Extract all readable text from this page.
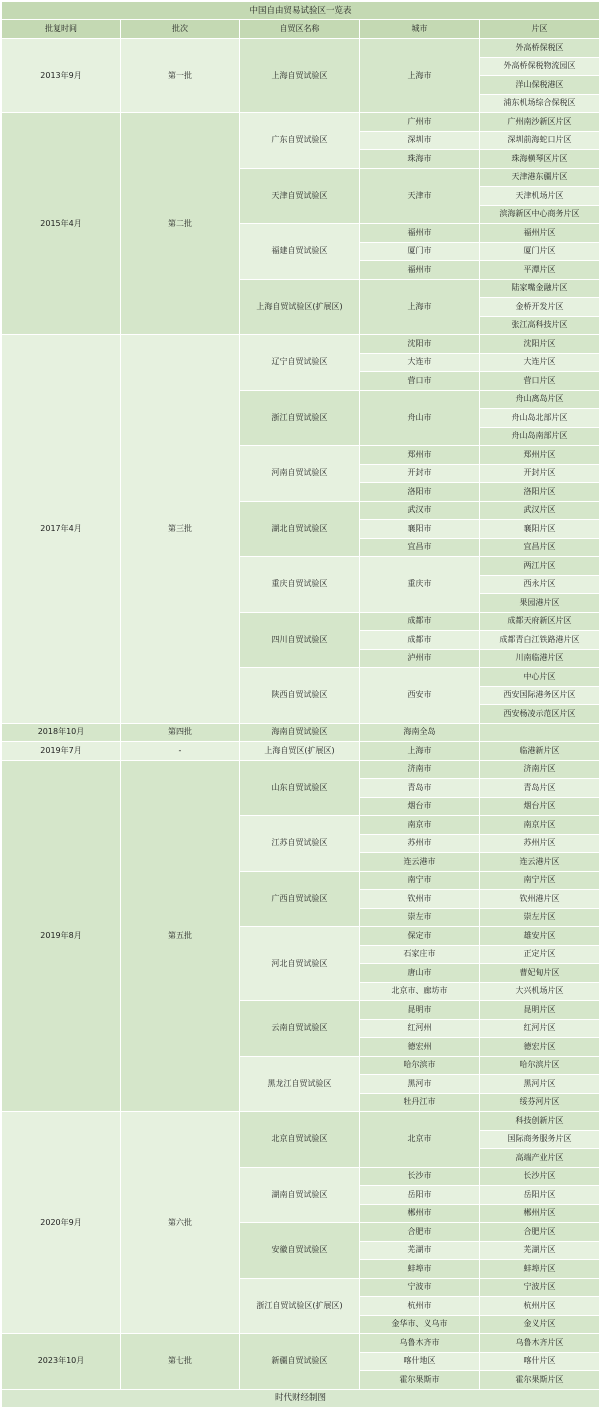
中国自由贸易试验区一览表				
批复时间	批次	自贸区名称	城市	片区
2013年9月	第一批	上海自贸试验区	上海市	外高桥保税区
				外高桥保税物流园区
				洋山保税港区
				浦东机场综合保税区
2015年4月	第二批	广东自贸试验区	广州市	广州南沙新区片区
			深圳市	深圳前海蛇口片区
			珠海市	珠海横琴区片区
		天津自贸试验区	天津市	天津港东疆片区
				天津机场片区
				滨海新区中心商务片区
		福建自贸试验区	福州市	福州片区
			厦门市	厦门片区
			福州市	平潭片区
		上海自贸试验区(扩展区)	上海市	陆家嘴金融片区
				金桥开发片区
				张江高科技片区
2017年4月	第三批	辽宁自贸试验区	沈阳市	沈阳片区
			大连市	大连片区
			营口市	营口片区
		浙江自贸试验区	舟山市	舟山离岛片区
				舟山岛北部片区
				舟山岛南部片区
		河南自贸试验区	郑州市	郑州片区
			开封市	开封片区
			洛阳市	洛阳片区
		湖北自贸试验区	武汉市	武汉片区
			襄阳市	襄阳片区
			宜昌市	宜昌片区
		重庆自贸试验区	重庆市	两江片区
				西永片区
				果园港片区
		四川自贸试验区	成都市	成都天府新区片区
			成都市	成都青白江铁路港片区
			泸州市	川南临港片区
		陕西自贸试验区	西安市	中心片区
				西安国际港务区片区
				西安杨凌示范区片区
2018年10月	第四批	海南自贸试验区	海南全岛	
2019年7月	-	上海自贸区(扩展区)	上海市	临港新片区
2019年8月	第五批	山东自贸试验区	济南市	济南片区
			青岛市	青岛片区
			烟台市	烟台片区
		江苏自贸试验区	南京市	南京片区
			苏州市	苏州片区
			连云港市	连云港片区
		广西自贸试验区	南宁市	南宁片区
			钦州市	钦州港片区
			崇左市	崇左片区
		河北自贸试验区	保定市	雄安片区
			石家庄市	正定片区
			唐山市	曹妃甸片区
			北京市、廊坊市	大兴机场片区
		云南自贸试验区	昆明市	昆明片区
			红河州	红河片区
			德宏州	德宏片区
		黑龙江自贸试验区	哈尔滨市	哈尔滨片区
			黑河市	黑河片区
			牡丹江市	绥芬河片区
2020年9月	第六批	北京自贸试验区	北京市	科技创新片区
				国际商务服务片区
				高端产业片区
		湖南自贸试验区	长沙市	长沙片区
			岳阳市	岳阳片区
			郴州市	郴州片区
		安徽自贸试验区	合肥市	合肥片区
			芜湖市	芜湖片区
			蚌埠市	蚌埠片区
		浙江自贸试验区(扩展区)	宁波市	宁波片区
			杭州市	杭州片区
			金华市、义乌市	金义片区
2023年10月	第七批	新疆自贸试验区	乌鲁木齐市	乌鲁木齐片区
			喀什地区	喀什片区
			霍尔果斯市	霍尔果斯片区
时代财经制图				
